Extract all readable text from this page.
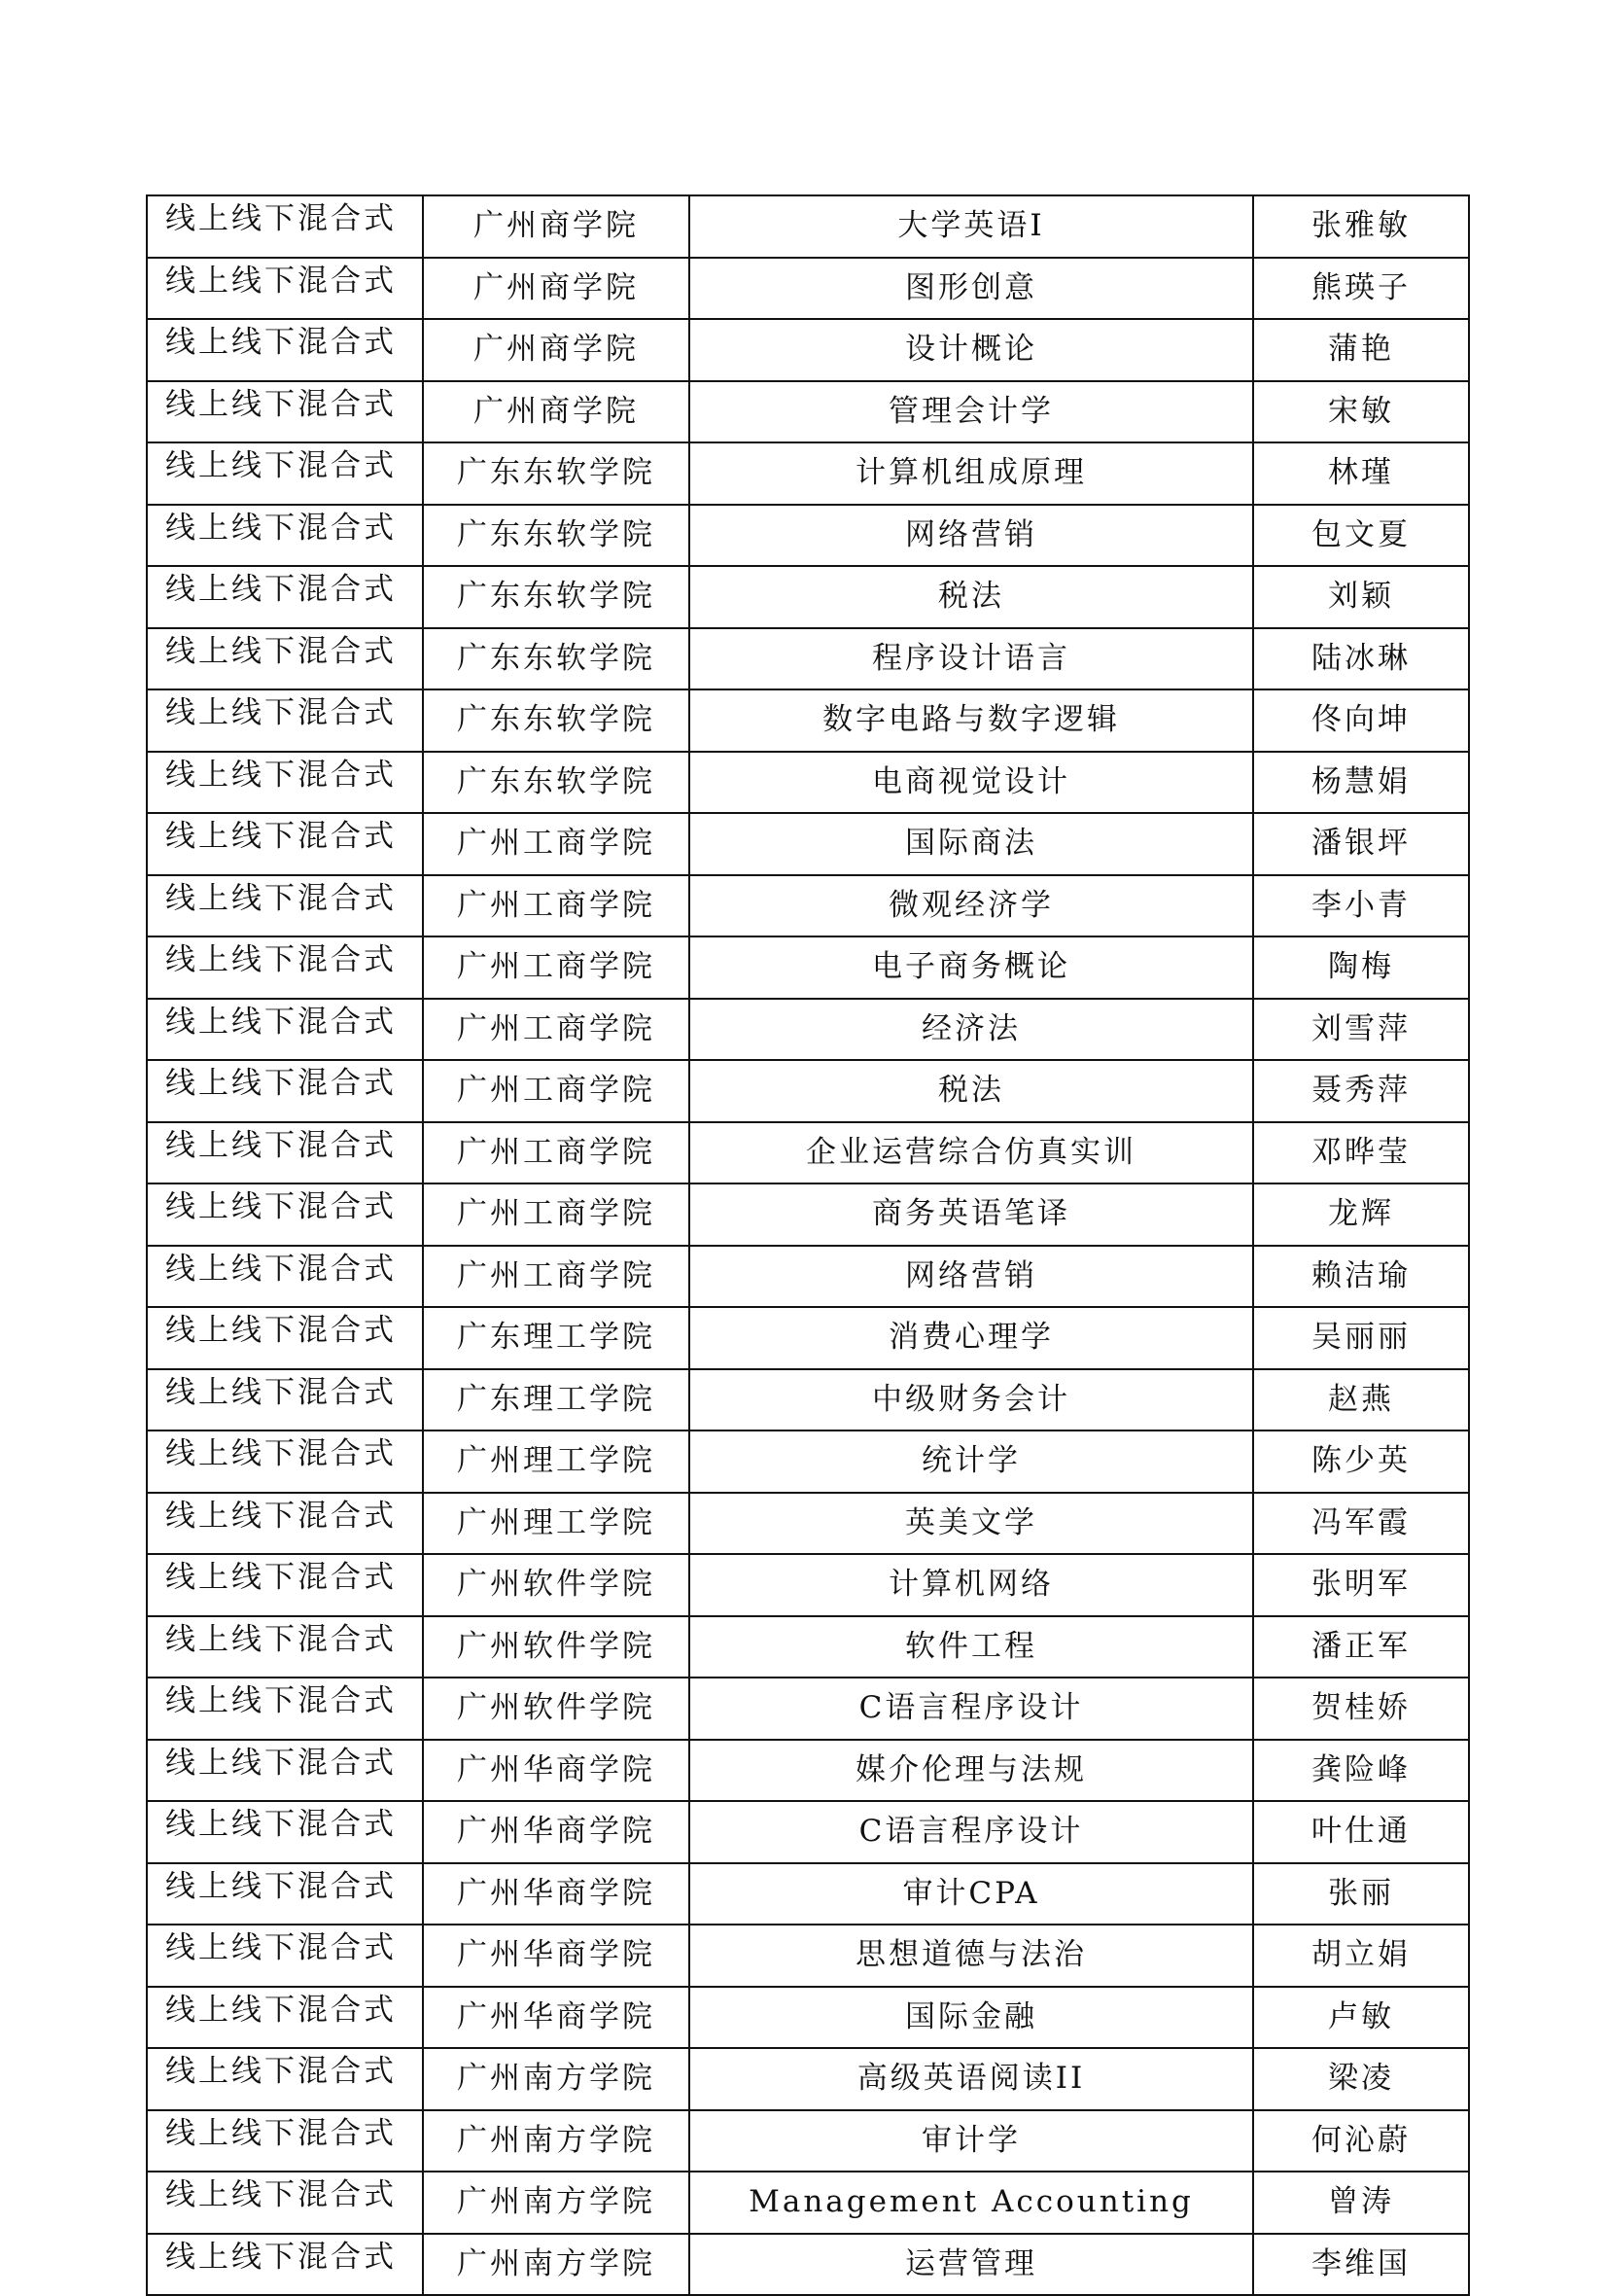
线上线下混合式	广州商学院	大学英语I	张雅敏
线上线下混合式	广州商学院	图形创意	熊瑛子
线上线下混合式	广州商学院	设计概论	蒲艳
线上线下混合式	广州商学院	管理会计学	宋敏
线上线下混合式	广东东软学院	计算机组成原理	林瑾
线上线下混合式	广东东软学院	网络营销	包文夏
线上线下混合式	广东东软学院	税法	刘颖
线上线下混合式	广东东软学院	程序设计语言	陆冰琳
线上线下混合式	广东东软学院	数字电路与数字逻辑	佟向坤
线上线下混合式	广东东软学院	电商视觉设计	杨慧娟
线上线下混合式	广州工商学院	国际商法	潘银坪
线上线下混合式	广州工商学院	微观经济学	李小青
线上线下混合式	广州工商学院	电子商务概论	陶梅
线上线下混合式	广州工商学院	经济法	刘雪萍
线上线下混合式	广州工商学院	税法	聂秀萍
线上线下混合式	广州工商学院	企业运营综合仿真实训	邓晔莹
线上线下混合式	广州工商学院	商务英语笔译	龙辉
线上线下混合式	广州工商学院	网络营销	赖洁瑜
线上线下混合式	广东理工学院	消费心理学	吴丽丽
线上线下混合式	广东理工学院	中级财务会计	赵燕
线上线下混合式	广州理工学院	统计学	陈少英
线上线下混合式	广州理工学院	英美文学	冯军霞
线上线下混合式	广州软件学院	计算机网络	张明军
线上线下混合式	广州软件学院	软件工程	潘正军
线上线下混合式	广州软件学院	C语言程序设计	贺桂娇
线上线下混合式	广州华商学院	媒介伦理与法规	龚险峰
线上线下混合式	广州华商学院	C语言程序设计	叶仕通
线上线下混合式	广州华商学院	审计CPA	张丽
线上线下混合式	广州华商学院	思想道德与法治	胡立娟
线上线下混合式	广州华商学院	国际金融	卢敏
线上线下混合式	广州南方学院	高级英语阅读II	梁凌
线上线下混合式	广州南方学院	审计学	何沁蔚
线上线下混合式	广州南方学院	Management Accounting	曾涛
线上线下混合式	广州南方学院	运营管理	李维国
